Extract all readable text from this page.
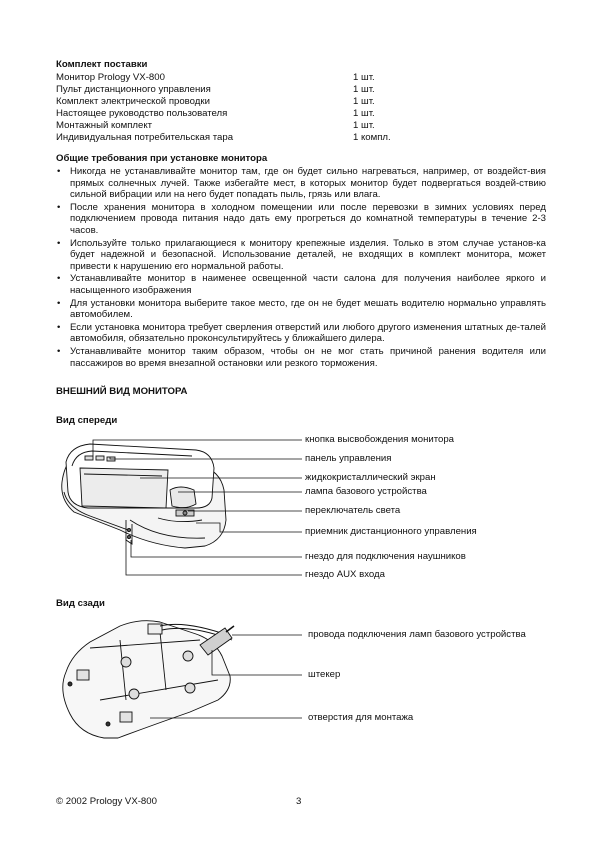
Комплект поставки
Монитор Prology VX-800	1 шт.
Пульт дистанционного управления	1 шт.
Комплект электрической проводки	1 шт.
Настоящее руководство пользователя	1 шт.
Монтажный комплект	1 шт.
Индивидуальная потребительская тара	1 компл.
Общие требования при установке монитора
• Никогда не устанавливайте монитор там, где он будет сильно нагреваться, например, от воздейст-вия прямых солнечных лучей. Также избегайте мест, в которых монитор будет подвергаться воздей-ствию сильной вибрации или на него будет попадать пыль, грязь или влага.
• После хранения монитора в холодном помещении или после перевозки в зимних условиях перед подключением провода питания надо дать ему прогреться до комнатной температуры в течение 2-3 часов.
• Используйте только прилагающиеся к монитору крепежные изделия. Только в этом случае установ-ка будет надежной и безопасной. Использование деталей, не входящих в комплект монитора, может привести к нарушению его нормальной работы.
• Устанавливайте монитор в наименее освещенной части салона для получения наиболее яркого и насыщенного изображения
• Для установки монитора выберите такое место, где он не будет мешать водителю нормально управлять автомобилем.
• Если установка монитора требует сверления отверстий или любого другого изменения штатных де-талей автомобиля, обязательно проконсультируйтесь у ближайшего дилера.
• Устанавливайте монитор таким образом, чтобы он не мог стать причиной ранения водителя или пассажиров во время внезапной остановки или резкого торможения.
ВНЕШНИЙ ВИД МОНИТОРА
Вид спереди
Вид сзади
кнопка высвобождения монитора
панель управления
жидкокристаллический экран
лампа базового устройства
переключатель света
приемник дистанционного управления
гнездо для подключения наушников
гнездо AUX входа
провода подключения ламп базового устройства
штекер
отверстия для монтажа
© 2002 Prology VX-800	3
